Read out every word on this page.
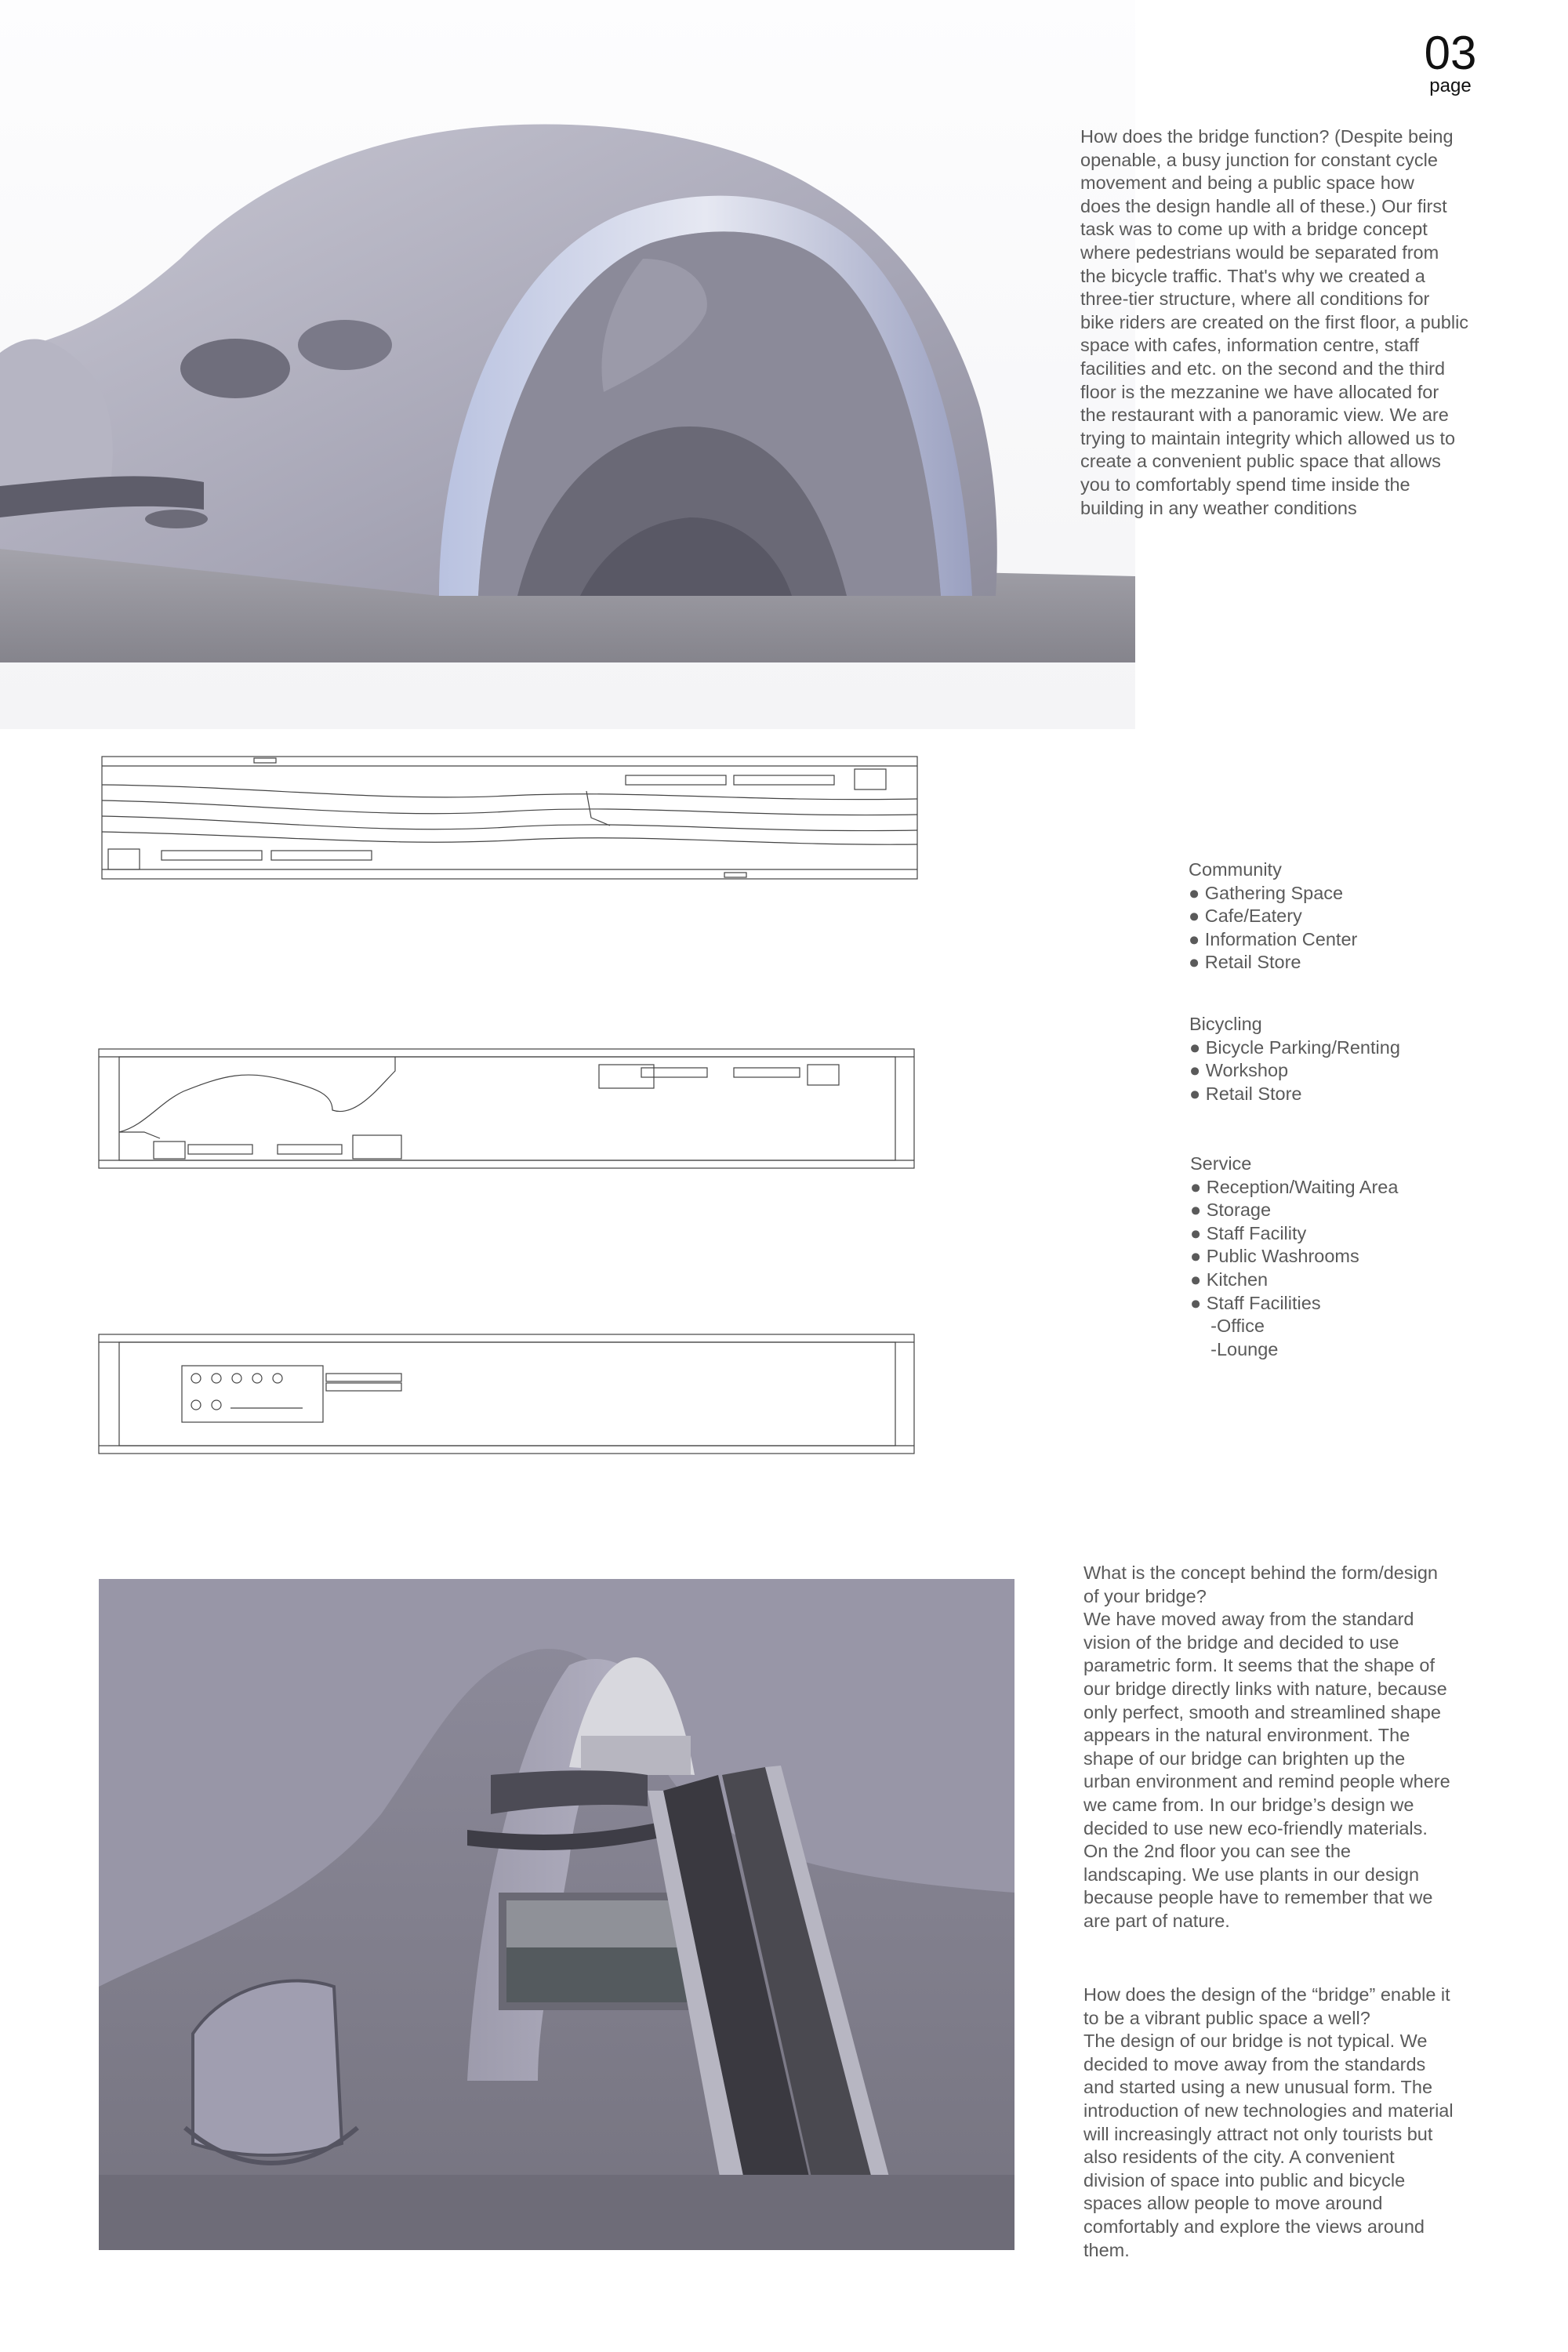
03
page

How does the bridge function? (Despite being
openable, a busy junction for constant cycle
movement and being a public space how
does the design handle all of these.) Our first
task was to come up with a bridge concept
where pedestrians would be separated from
the bicycle traffic. That's why we created a
three-tier structure, where all conditions for
bike riders are created on the first floor, a public
space with cafes, information centre, staff
facilities and etc. on the second and the third
floor is the mezzanine we have allocated for
the restaurant with a panoramic view. We are
trying to maintain integrity which allowed us to
create a convenient public space that allows
you to comfortably spend time inside the
building in any weather conditions

Community

● Gathering Space
● Cafe/Eatery
● Information Center
● Retail Store

Bicycling

● Bicycle Parking/Renting
● Workshop
● Retail Store

Service

● Reception/Waiting Area
● Storage
● Staff Facility
● Public Washrooms
● Kitchen
● Staff Facilities
-Office
-Lounge

What is the concept behind the form/design
of your bridge?
We have moved away from the standard
vision of the bridge and decided to use
parametric form. It seems that the shape of
our bridge directly links with nature, because
only perfect, smooth and streamlined shape
appears in the natural environment. The
shape of our bridge can brighten up the
urban environment and remind people where
we came from. In our bridge’s design we
decided to use new eco-friendly materials.
On the 2nd floor you can see the
landscaping. We use plants in our design
because people have to remember that we
are part of nature.

How does the design of the “bridge” enable it
to be a vibrant public space a well?
The design of our bridge is not typical. We
decided to move away from the standards
and started using a new unusual form. The
introduction of new technologies and material
will increasingly attract not only tourists but
also residents of the city. A convenient
division of space into public and bicycle
spaces allow people to move around
comfortably and explore the views around
them.
